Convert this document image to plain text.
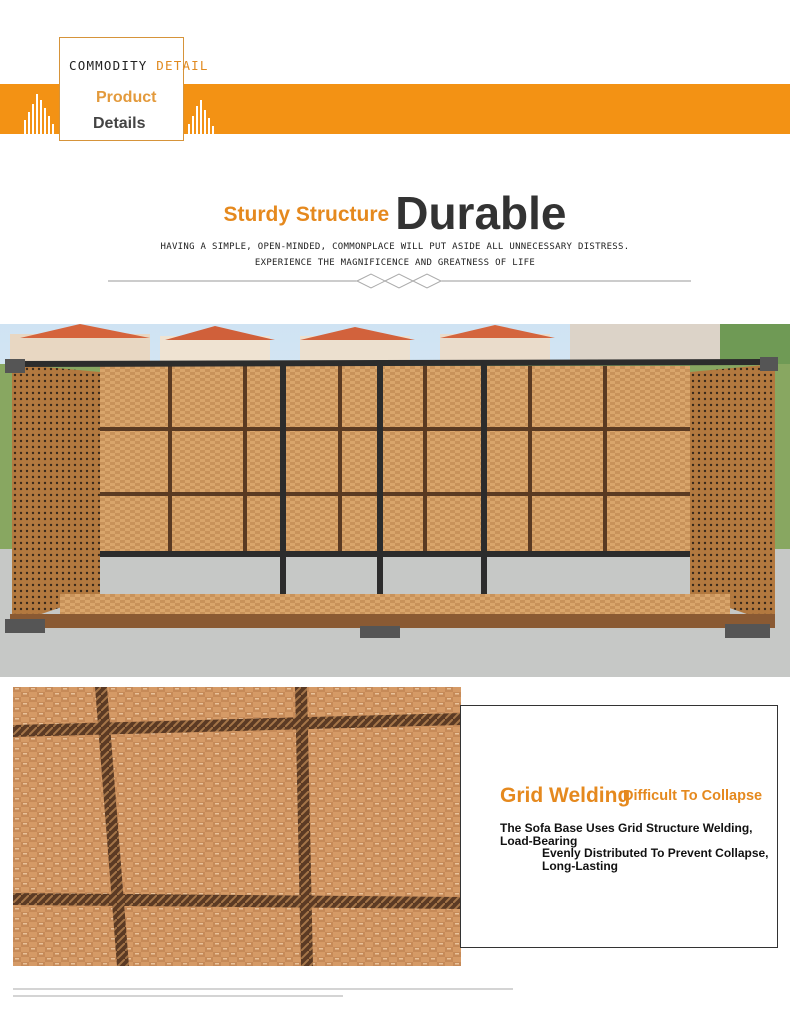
COMMODITY DETAIL
Product
Details
Sturdy Structure Durable
HAVING A SIMPLE, OPEN-MINDED, COMMONPLACE WILL PUT ASIDE ALL UNNECESSARY DISTRESS.
EXPERIENCE THE MAGNIFICENCE AND GREATNESS OF LIFE
Grid Welding
Difficult To Collapse
The Sofa Base Uses Grid Structure Welding, Load-Bearing
Evenly Distributed To Prevent Collapse, Long-Lasting
